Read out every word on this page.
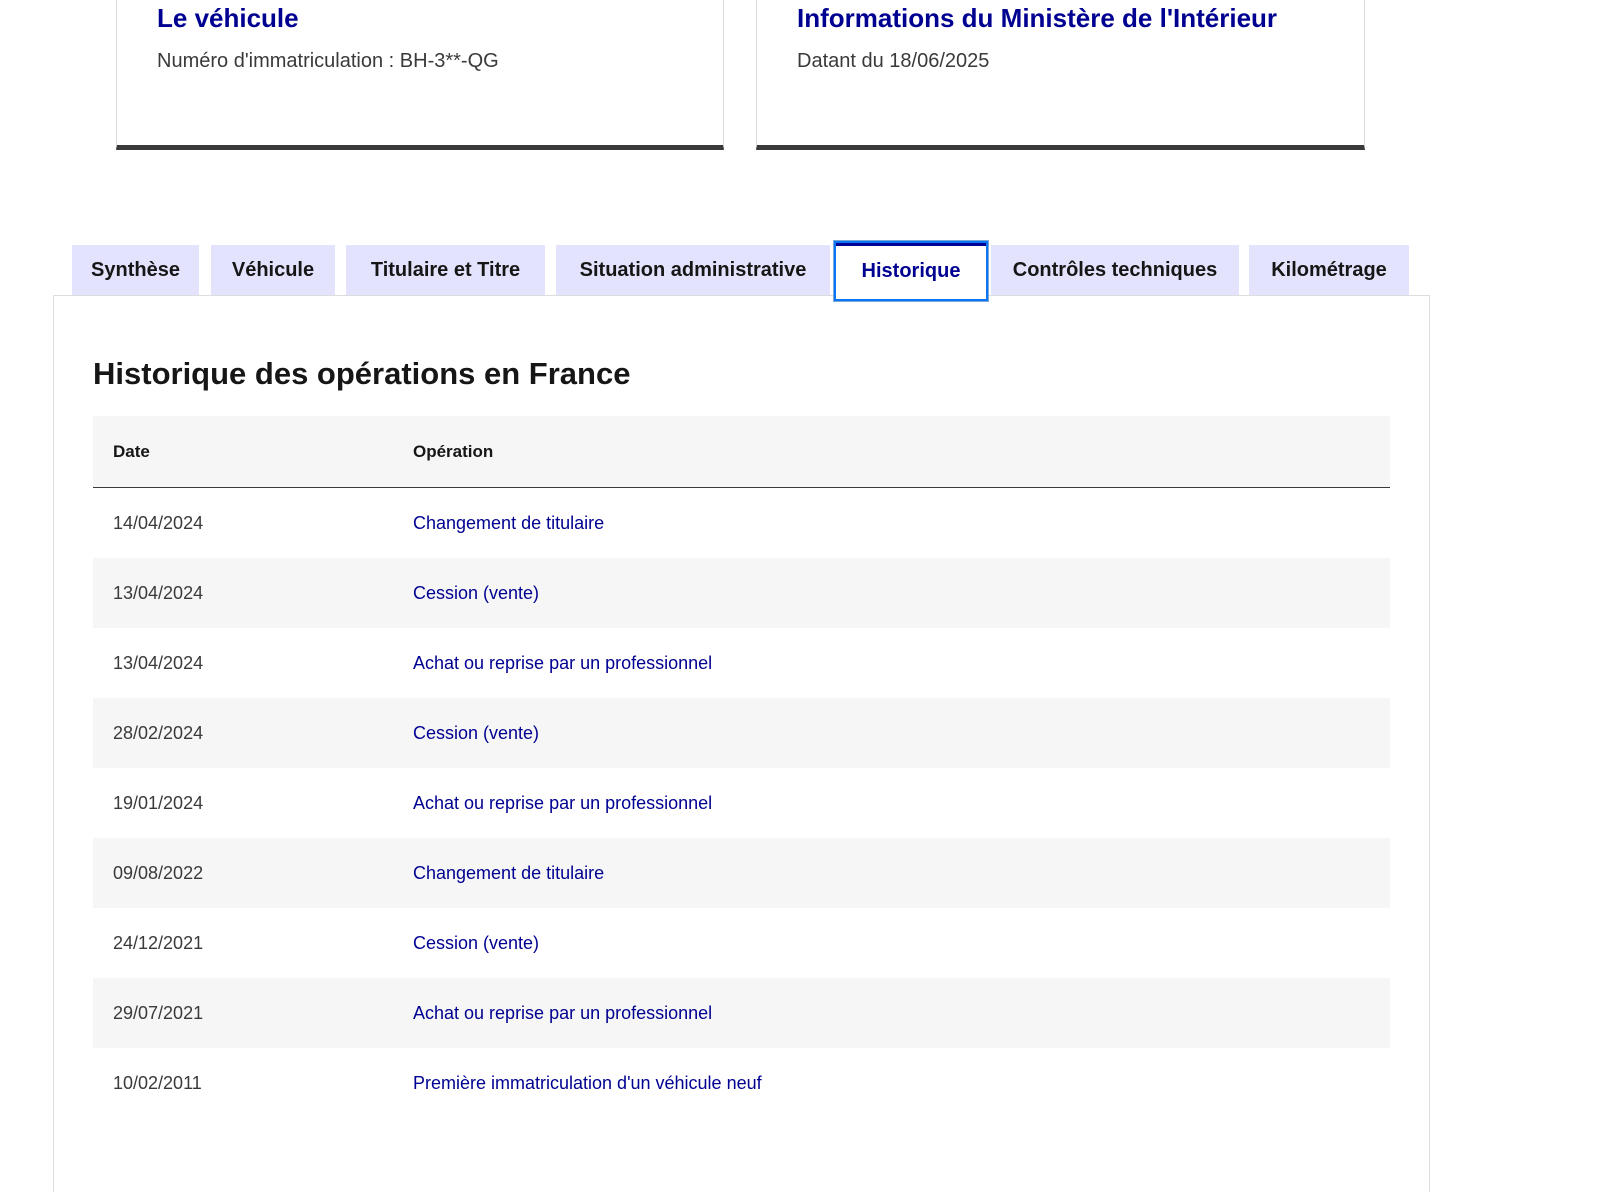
Le véhicule
Numéro d'immatriculation : BH-3**-QG
Informations du Ministère de l'Intérieur
Datant du 18/06/2025
Synthèse	Véhicule	Titulaire et Titre	Situation administrative	Historique	Contrôles techniques	Kilométrage
Historique des opérations en France
Date	Opération
14/04/2024	Changement de titulaire
13/04/2024	Cession (vente)
13/04/2024	Achat ou reprise par un professionnel
28/02/2024	Cession (vente)
19/01/2024	Achat ou reprise par un professionnel
09/08/2022	Changement de titulaire
24/12/2021	Cession (vente)
29/07/2021	Achat ou reprise par un professionnel
10/02/2011	Première immatriculation d'un véhicule neuf
